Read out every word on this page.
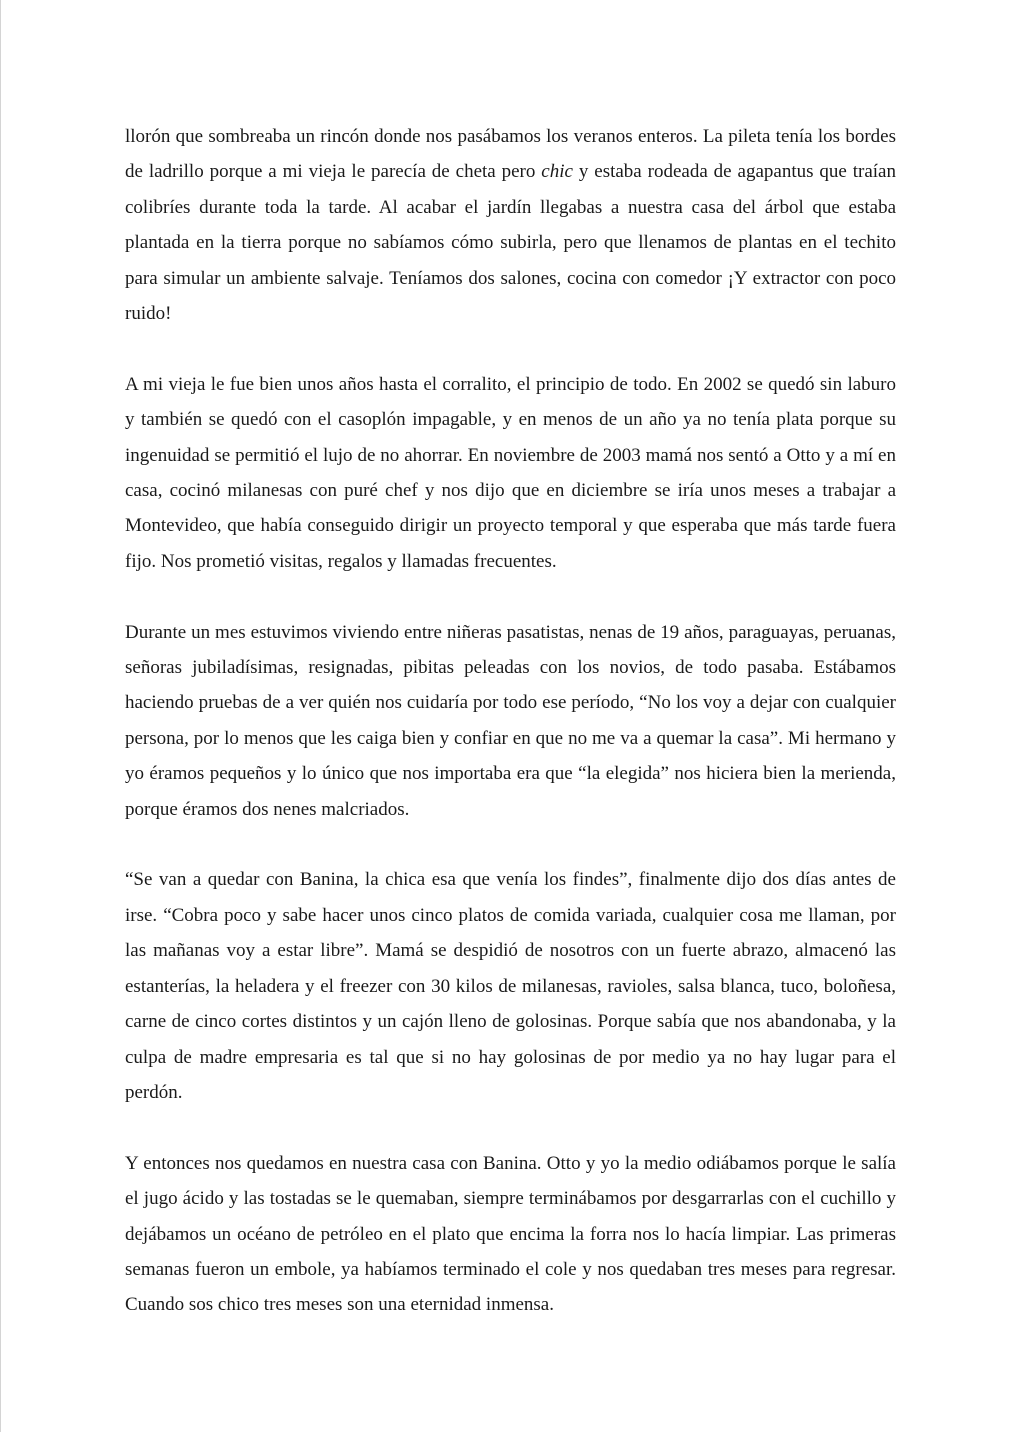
llorón que sombreaba un rincón donde nos pasábamos los veranos enteros. La pileta tenía los bordes de ladrillo porque a mi vieja le parecía de cheta pero chic y estaba rodeada de agapantus que traían colibríes durante toda la tarde. Al acabar el jardín llegabas a nuestra casa del árbol que estaba plantada en la tierra porque no sabíamos cómo subirla, pero que llenamos de plantas en el techito para simular un ambiente salvaje. Teníamos dos salones, cocina con comedor ¡Y extractor con poco ruido!

A mi vieja le fue bien unos años hasta el corralito, el principio de todo. En 2002 se quedó sin laburo y también se quedó con el casoplón impagable, y en menos de un año ya no tenía plata porque su ingenuidad se permitió el lujo de no ahorrar. En noviembre de 2003 mamá nos sentó a Otto y a mí en casa, cocinó milanesas con puré chef y nos dijo que en diciembre se iría unos meses a trabajar a Montevideo, que había conseguido dirigir un proyecto temporal y que esperaba que más tarde fuera fijo. Nos prometió visitas, regalos y llamadas frecuentes.

Durante un mes estuvimos viviendo entre niñeras pasatistas, nenas de 19 años, paraguayas, peruanas, señoras jubiladísimas, resignadas, pibitas peleadas con los novios, de todo pasaba. Estábamos haciendo pruebas de a ver quién nos cuidaría por todo ese período, “No los voy a dejar con cualquier persona, por lo menos que les caiga bien y confiar en que no me va a quemar la casa”. Mi hermano y yo éramos pequeños y lo único que nos importaba era que “la elegida” nos hiciera bien la merienda, porque éramos dos nenes malcriados.

“Se van a quedar con Banina, la chica esa que venía los findes”, finalmente dijo dos días antes de irse. “Cobra poco y sabe hacer unos cinco platos de comida variada, cualquier cosa me llaman, por las mañanas voy a estar libre”. Mamá se despidió de nosotros con un fuerte abrazo, almacenó las estanterías, la heladera y el freezer con 30 kilos de milanesas, ravioles, salsa blanca, tuco, boloñesa, carne de cinco cortes distintos y un cajón lleno de golosinas. Porque sabía que nos abandonaba, y la culpa de madre empresaria es tal que si no hay golosinas de por medio ya no hay lugar para el perdón.

Y entonces nos quedamos en nuestra casa con Banina. Otto y yo la medio odiábamos porque le salía el jugo ácido y las tostadas se le quemaban, siempre terminábamos por desgarrarlas con el cuchillo y dejábamos un océano de petróleo en el plato que encima la forra nos lo hacía limpiar. Las primeras semanas fueron un embole, ya habíamos terminado el cole y nos quedaban tres meses para regresar. Cuando sos chico tres meses son una eternidad inmensa.
